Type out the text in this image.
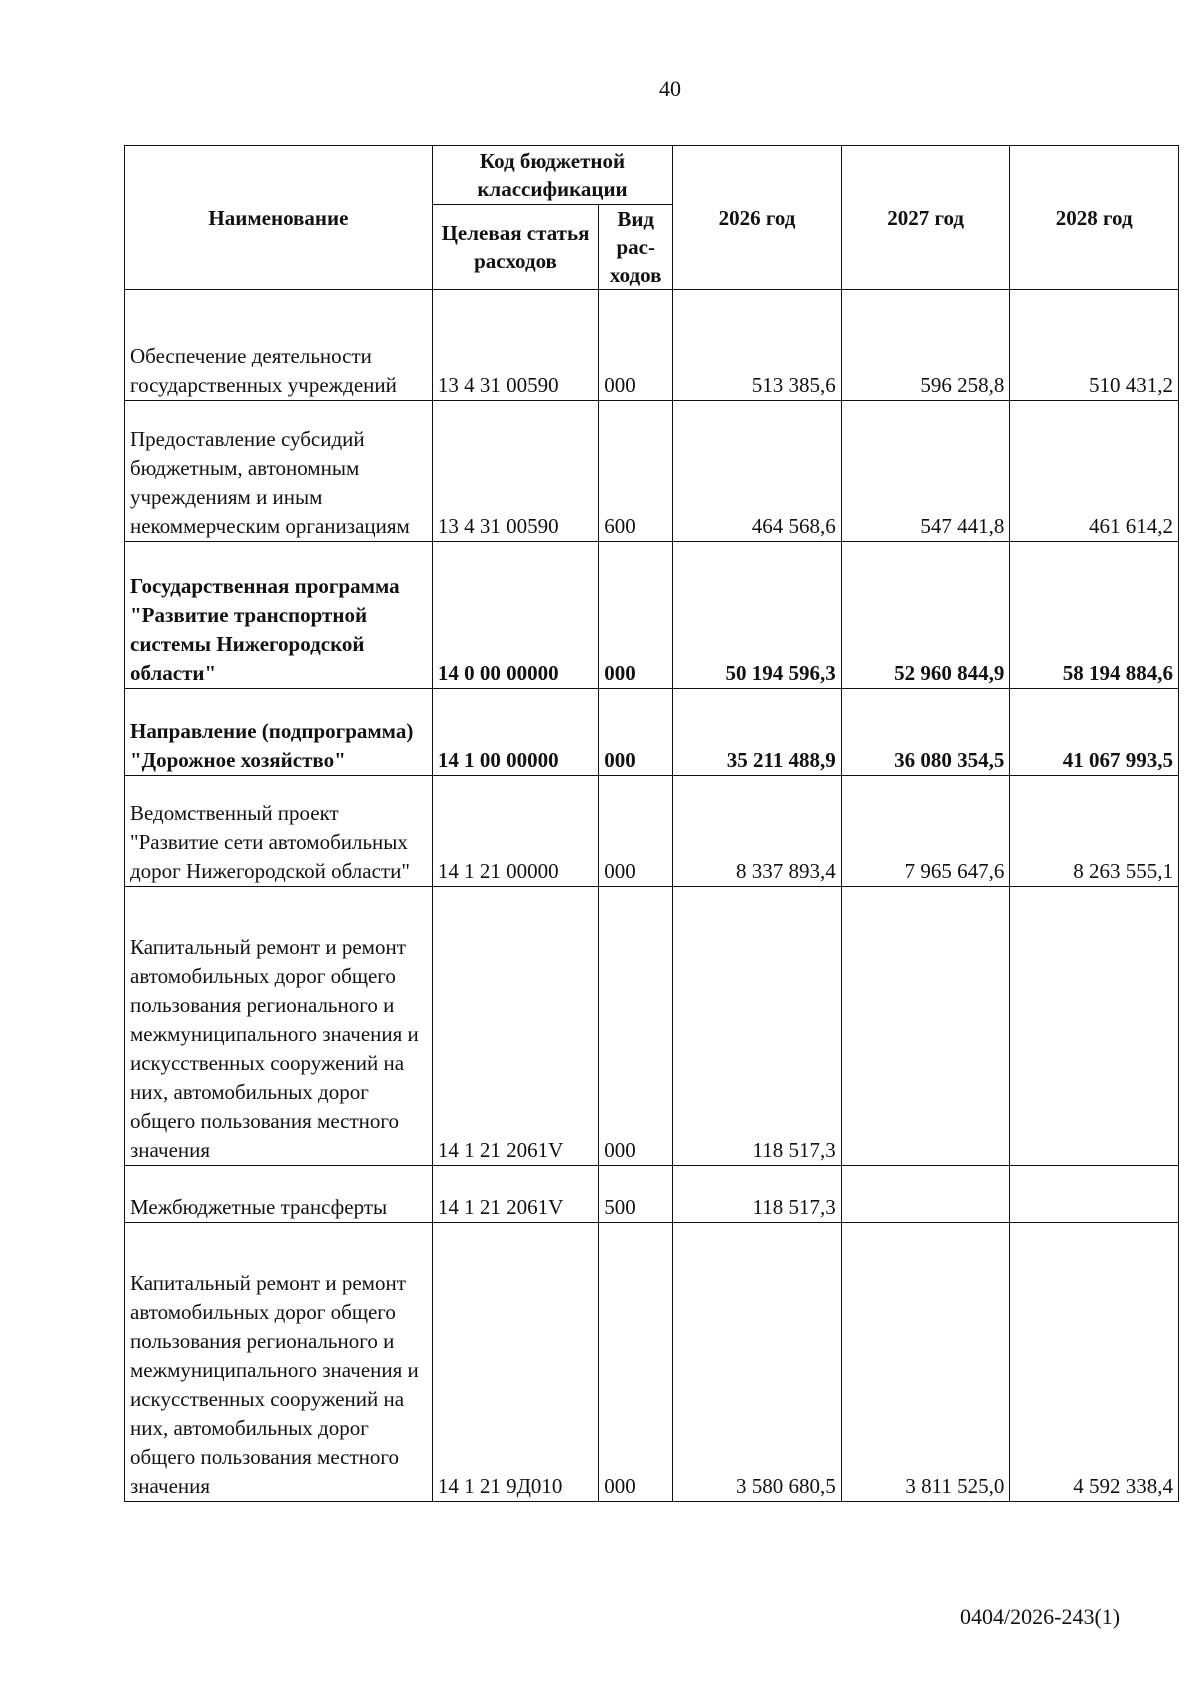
40
Наименование	Код бюджетной классификации		2026 год	2027 год	2028 год
	Целевая статья расходов	Вид рас-ходов			
Обеспечение деятельности государственных учреждений	13 4 31 00590	000	513 385,6	596 258,8	510 431,2
Предоставление субсидий бюджетным, автономным учреждениям и иным некоммерческим организациям	13 4 31 00590	600	464 568,6	547 441,8	461 614,2
Государственная программа "Развитие транспортной системы Нижегородской области"	14 0 00 00000	000	50 194 596,3	52 960 844,9	58 194 884,6
Направление (подпрограмма) "Дорожное хозяйство"	14 1 00 00000	000	35 211 488,9	36 080 354,5	41 067 993,5
Ведомственный проект "Развитие сети автомобильных дорог Нижегородской области"	14 1 21 00000	000	8 337 893,4	7 965 647,6	8 263 555,1
Капитальный ремонт и ремонт автомобильных дорог общего пользования регионального и межмуниципального значения и искусственных сооружений на них, автомобильных дорог общего пользования местного значения	14 1 21 2061V	000	118 517,3		
Межбюджетные трансферты	14 1 21 2061V	500	118 517,3		
Капитальный ремонт и ремонт автомобильных дорог общего пользования регионального и межмуниципального значения и искусственных сооружений на них, автомобильных дорог общего пользования местного значения	14 1 21 9Д010	000	3 580 680,5	3 811 525,0	4 592 338,4
0404/2026-243(1)
